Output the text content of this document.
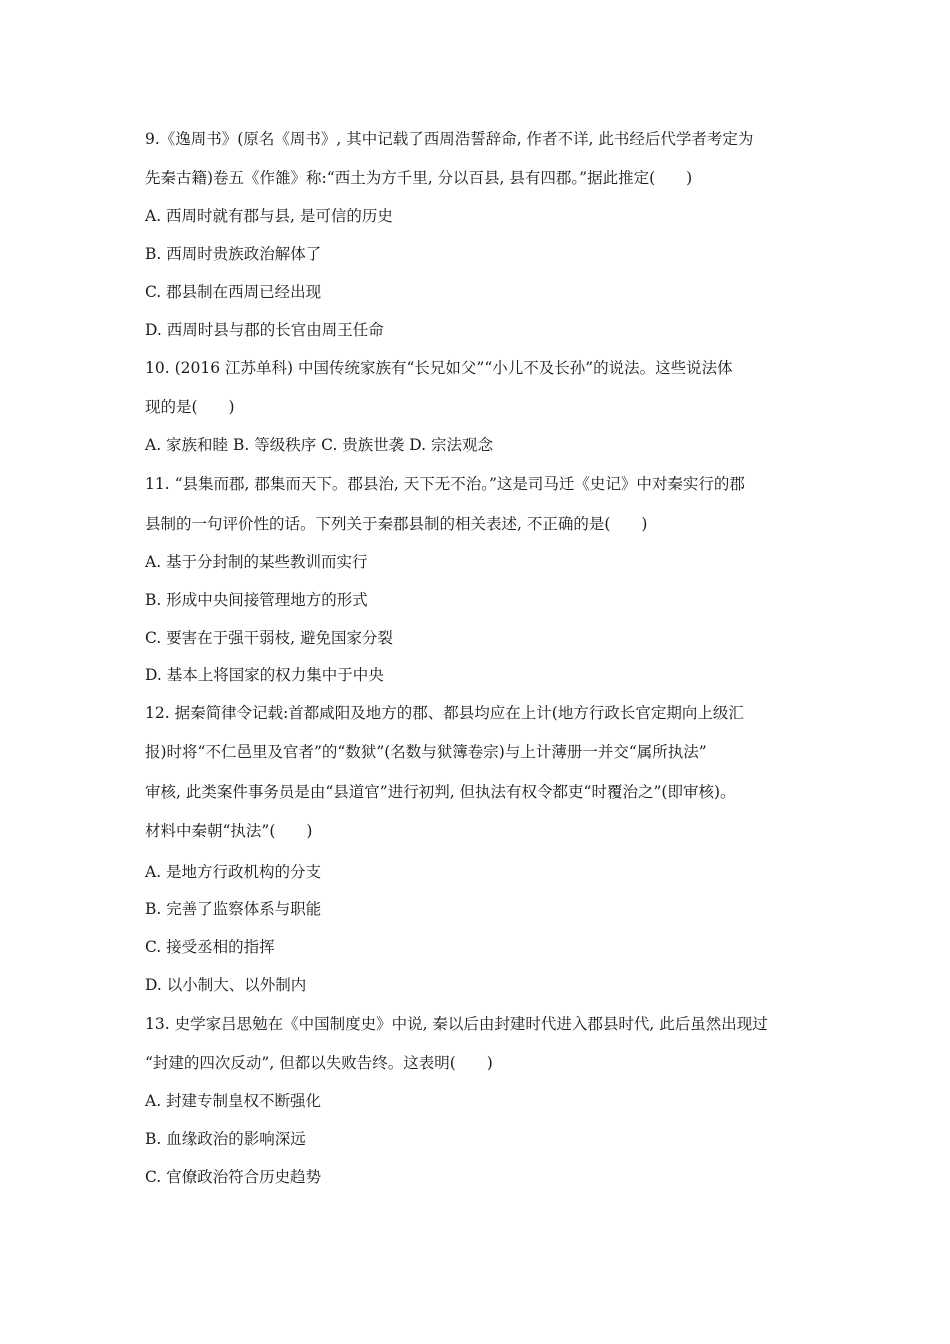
9.《逸周书》(原名《周书》, 其中记载了西周浩誓辞命, 作者不详, 此书经后代学者考定为
先秦古籍)卷五《作雒》称:“西土为方千里, 分以百县, 县有四郡。”据此推定(　　)
A. 西周时就有郡与县, 是可信的历史
B. 西周时贵族政治解体了
C. 郡县制在西周已经出现
D. 西周时县与郡的长官由周王任命
10. (2016 江苏单科) 中国传统家族有“长兄如父”“小儿不及长孙”的说法。这些说法体
现的是(　　)
A. 家族和睦 B. 等级秩序 C. 贵族世袭 D. 宗法观念
11. “县集而郡, 郡集而天下。郡县治, 天下无不治。”这是司马迁《史记》中对秦实行的郡
县制的一句评价性的话。下列关于秦郡县制的相关表述, 不正确的是(　　)
A. 基于分封制的某些教训而实行
B. 形成中央间接管理地方的形式
C. 要害在于强干弱枝, 避免国家分裂
D. 基本上将国家的权力集中于中央
12. 据秦简律令记载:首都咸阳及地方的郡、都县均应在上计(地方行政长官定期向上级汇
报)时将“不仁邑里及官者”的“数狱”(名数与狱簿卷宗)与上计薄册一并交“属所执法”
审核, 此类案件事务员是由“县道官”进行初判, 但执法有权令都吏“时覆治之”(即审核)。
材料中秦朝“执法”(　　)
A. 是地方行政机构的分支
B. 完善了监察体系与职能
C. 接受丞相的指挥
D. 以小制大、以外制内
13. 史学家吕思勉在《中国制度史》中说, 秦以后由封建时代进入郡县时代, 此后虽然出现过
“封建的四次反动”, 但都以失败告终。这表明(　　)
A. 封建专制皇权不断强化
B. 血缘政治的影响深远
C. 官僚政治符合历史趋势
